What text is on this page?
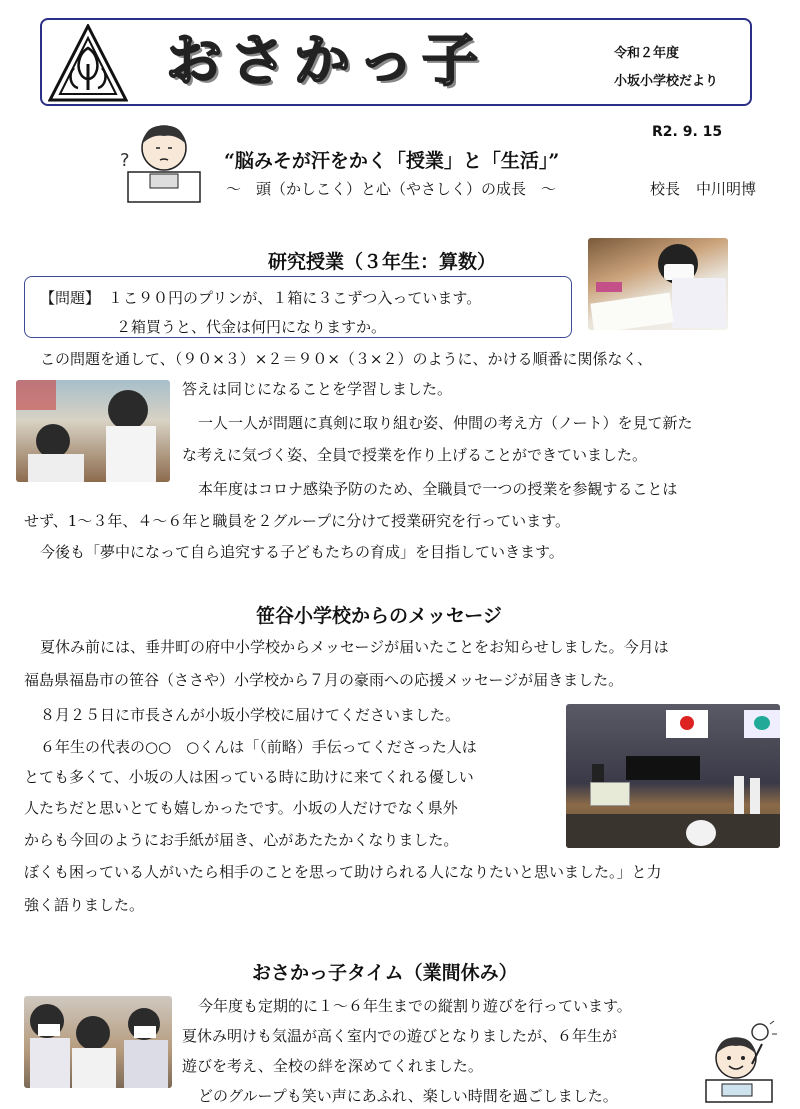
おさかっ子	令和２年度
小坂小学校だより
R2. 9. 15
?	“脳みそが汗をかく「授業」と「生活」”
～　頭（かしこく）と心（やさしく）の成長　～	校長 中川明博
研究授業（３年生：算数）
【問題】 １こ９０円のプリンが、１箱に３こずつ入っています。
２箱買うと、代金は何円になりますか。
この問題を通して、（９０×３）×２＝９０×（３×２）のように、かける順番に関係なく、
答えは同じになることを学習しました。
一人一人が問題に真剣に取り組む姿、仲間の考え方（ノート）を見て新た
な考えに気づく姿、全員で授業を作り上げることができていました。
本年度はコロナ感染予防のため、全職員で一つの授業を参観することは
せず、1～３年、４～６年と職員を２グループに分けて授業研究を行っています。
今後も「夢中になって自ら追究する子どもたちの育成」を目指していきます。
笹谷小学校からのメッセージ
夏休み前には、垂井町の府中小学校からメッセージが届いたことをお知らせしました。今月は
福島県福島市の笹谷（ささや）小学校から７月の豪雨への応援メッセージが届きました。
８月２５日に市長さんが小坂小学校に届けてくださいました。
６年生の代表の○○　○くんは「（前略）手伝ってくださった人は
とても多くて、小坂の人は困っている時に助けに来てくれる優しい
人たちだと思いとても嬉しかったです。小坂の人だけでなく県外
からも今回のようにお手紙が届き、心があたたかくなりました。
ぼくも困っている人がいたら相手のことを思って助けられる人になりたいと思いました。」と力
強く語りました。
おさかっ子タイム（業間休み）
今年度も定期的に１～６年生までの縦割り遊びを行っています。
夏休み明けも気温が高く室内での遊びとなりましたが、６年生が
遊びを考え、全校の絆を深めてくれました。
どのグループも笑い声にあふれ、楽しい時間を過ごしました。
